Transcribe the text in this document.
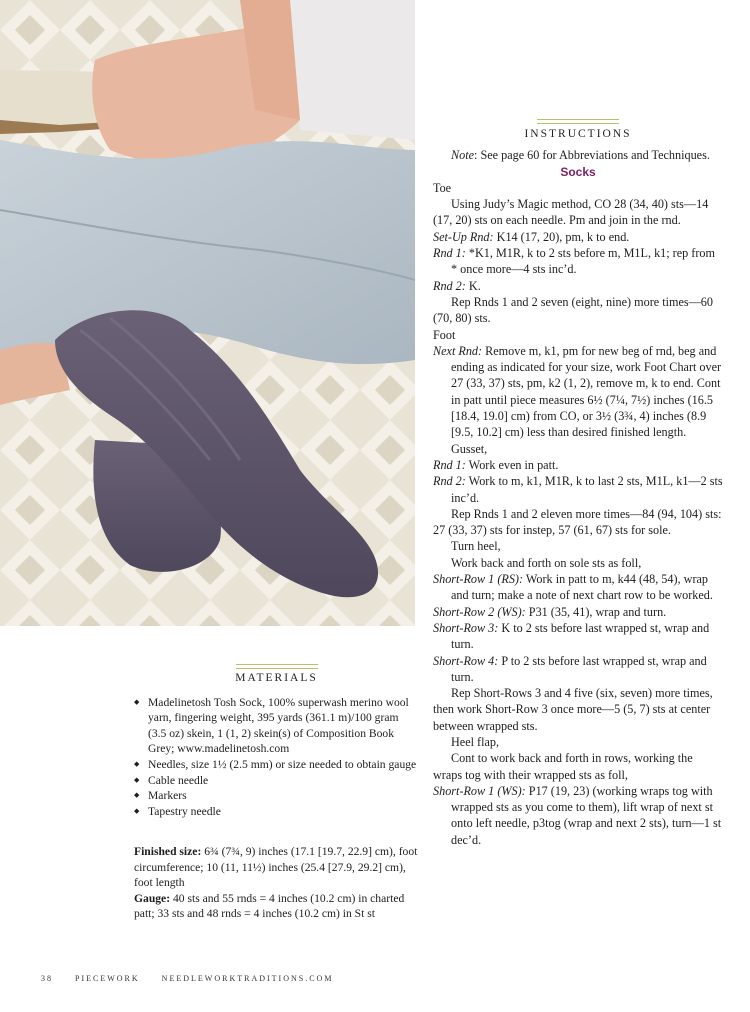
INSTRUCTIONS

Note: See page 60 for Abbreviations and Techniques.

Socks

Toe

Using Judy’s Magic method, CO 28 (34, 40) sts—14 (17, 20) sts on each needle. Pm and join in the rnd.

Set-Up Rnd: K14 (17, 20), pm, k to end.

Rnd 1: *K1, M1R, k to 2 sts before m, M1L, k1; rep from * once more—4 sts inc’d.

Rnd 2: K.

Rep Rnds 1 and 2 seven (eight, nine) more times—60 (70, 80) sts.

Foot

Next Rnd: Remove m, k1, pm for new beg of rnd, beg and ending as indicated for your size, work Foot Chart over 27 (33, 37) sts, pm, k2 (1, 2), remove m, k to end. Cont in patt until piece measures 6½ (7¼, 7½) inches (16.5 [18.4, 19.0] cm) from CO, or 3½ (3¾, 4) inches (8.9 [9.5, 10.2] cm) less than desired finished length.

Gusset,

Rnd 1: Work even in patt.

Rnd 2: Work to m, k1, M1R, k to last 2 sts, M1L, k1—2 sts inc’d.

Rep Rnds 1 and 2 eleven more times—84 (94, 104) sts: 27 (33, 37) sts for instep, 57 (61, 67) sts for sole.

Turn heel,

Work back and forth on sole sts as foll,

Short-Row 1 (RS): Work in patt to m, k44 (48, 54), wrap and turn; make a note of next chart row to be worked.

Short-Row 2 (WS): P31 (35, 41), wrap and turn.

Short-Row 3: K to 2 sts before last wrapped st, wrap and turn.

Short-Row 4: P to 2 sts before last wrapped st, wrap and turn.

Rep Short-Rows 3 and 4 five (six, seven) more times, then work Short-Row 3 once more—5 (5, 7) sts at center between wrapped sts.

Heel flap,

Cont to work back and forth in rows, working the wraps tog with their wrapped sts as foll,

Short-Row 1 (WS): P17 (19, 23) (working wraps tog with wrapped sts as you come to them), lift wrap of next st onto left needle, p3tog (wrap and next 2 sts), turn—1 st dec’d.

MATERIALS
◆ Madelinetosh Tosh Sock, 100% superwash merino wool yarn, fingering weight, 395 yards (361.1 m)/100 gram (3.5 oz) skein, 1 (1, 2) skein(s) of Composition Book Grey; www.madelinetosh.com
◆ Needles, size 1½ (2.5 mm) or size needed to obtain gauge
◆ Cable needle
◆ Markers
◆ Tapestry needle

Finished size: 6¾ (7¾, 9) inches (17.1 [19.7, 22.9] cm), foot circumference; 10 (11, 11½) inches (25.4 [27.9, 29.2] cm), foot length

Gauge: 40 sts and 55 rnds = 4 inches (10.2 cm) in charted patt; 33 sts and 48 rnds = 4 inches (10.2 cm) in St st

38	PIECEWORK	NEEDLEWORKTRADITIONS.COM
